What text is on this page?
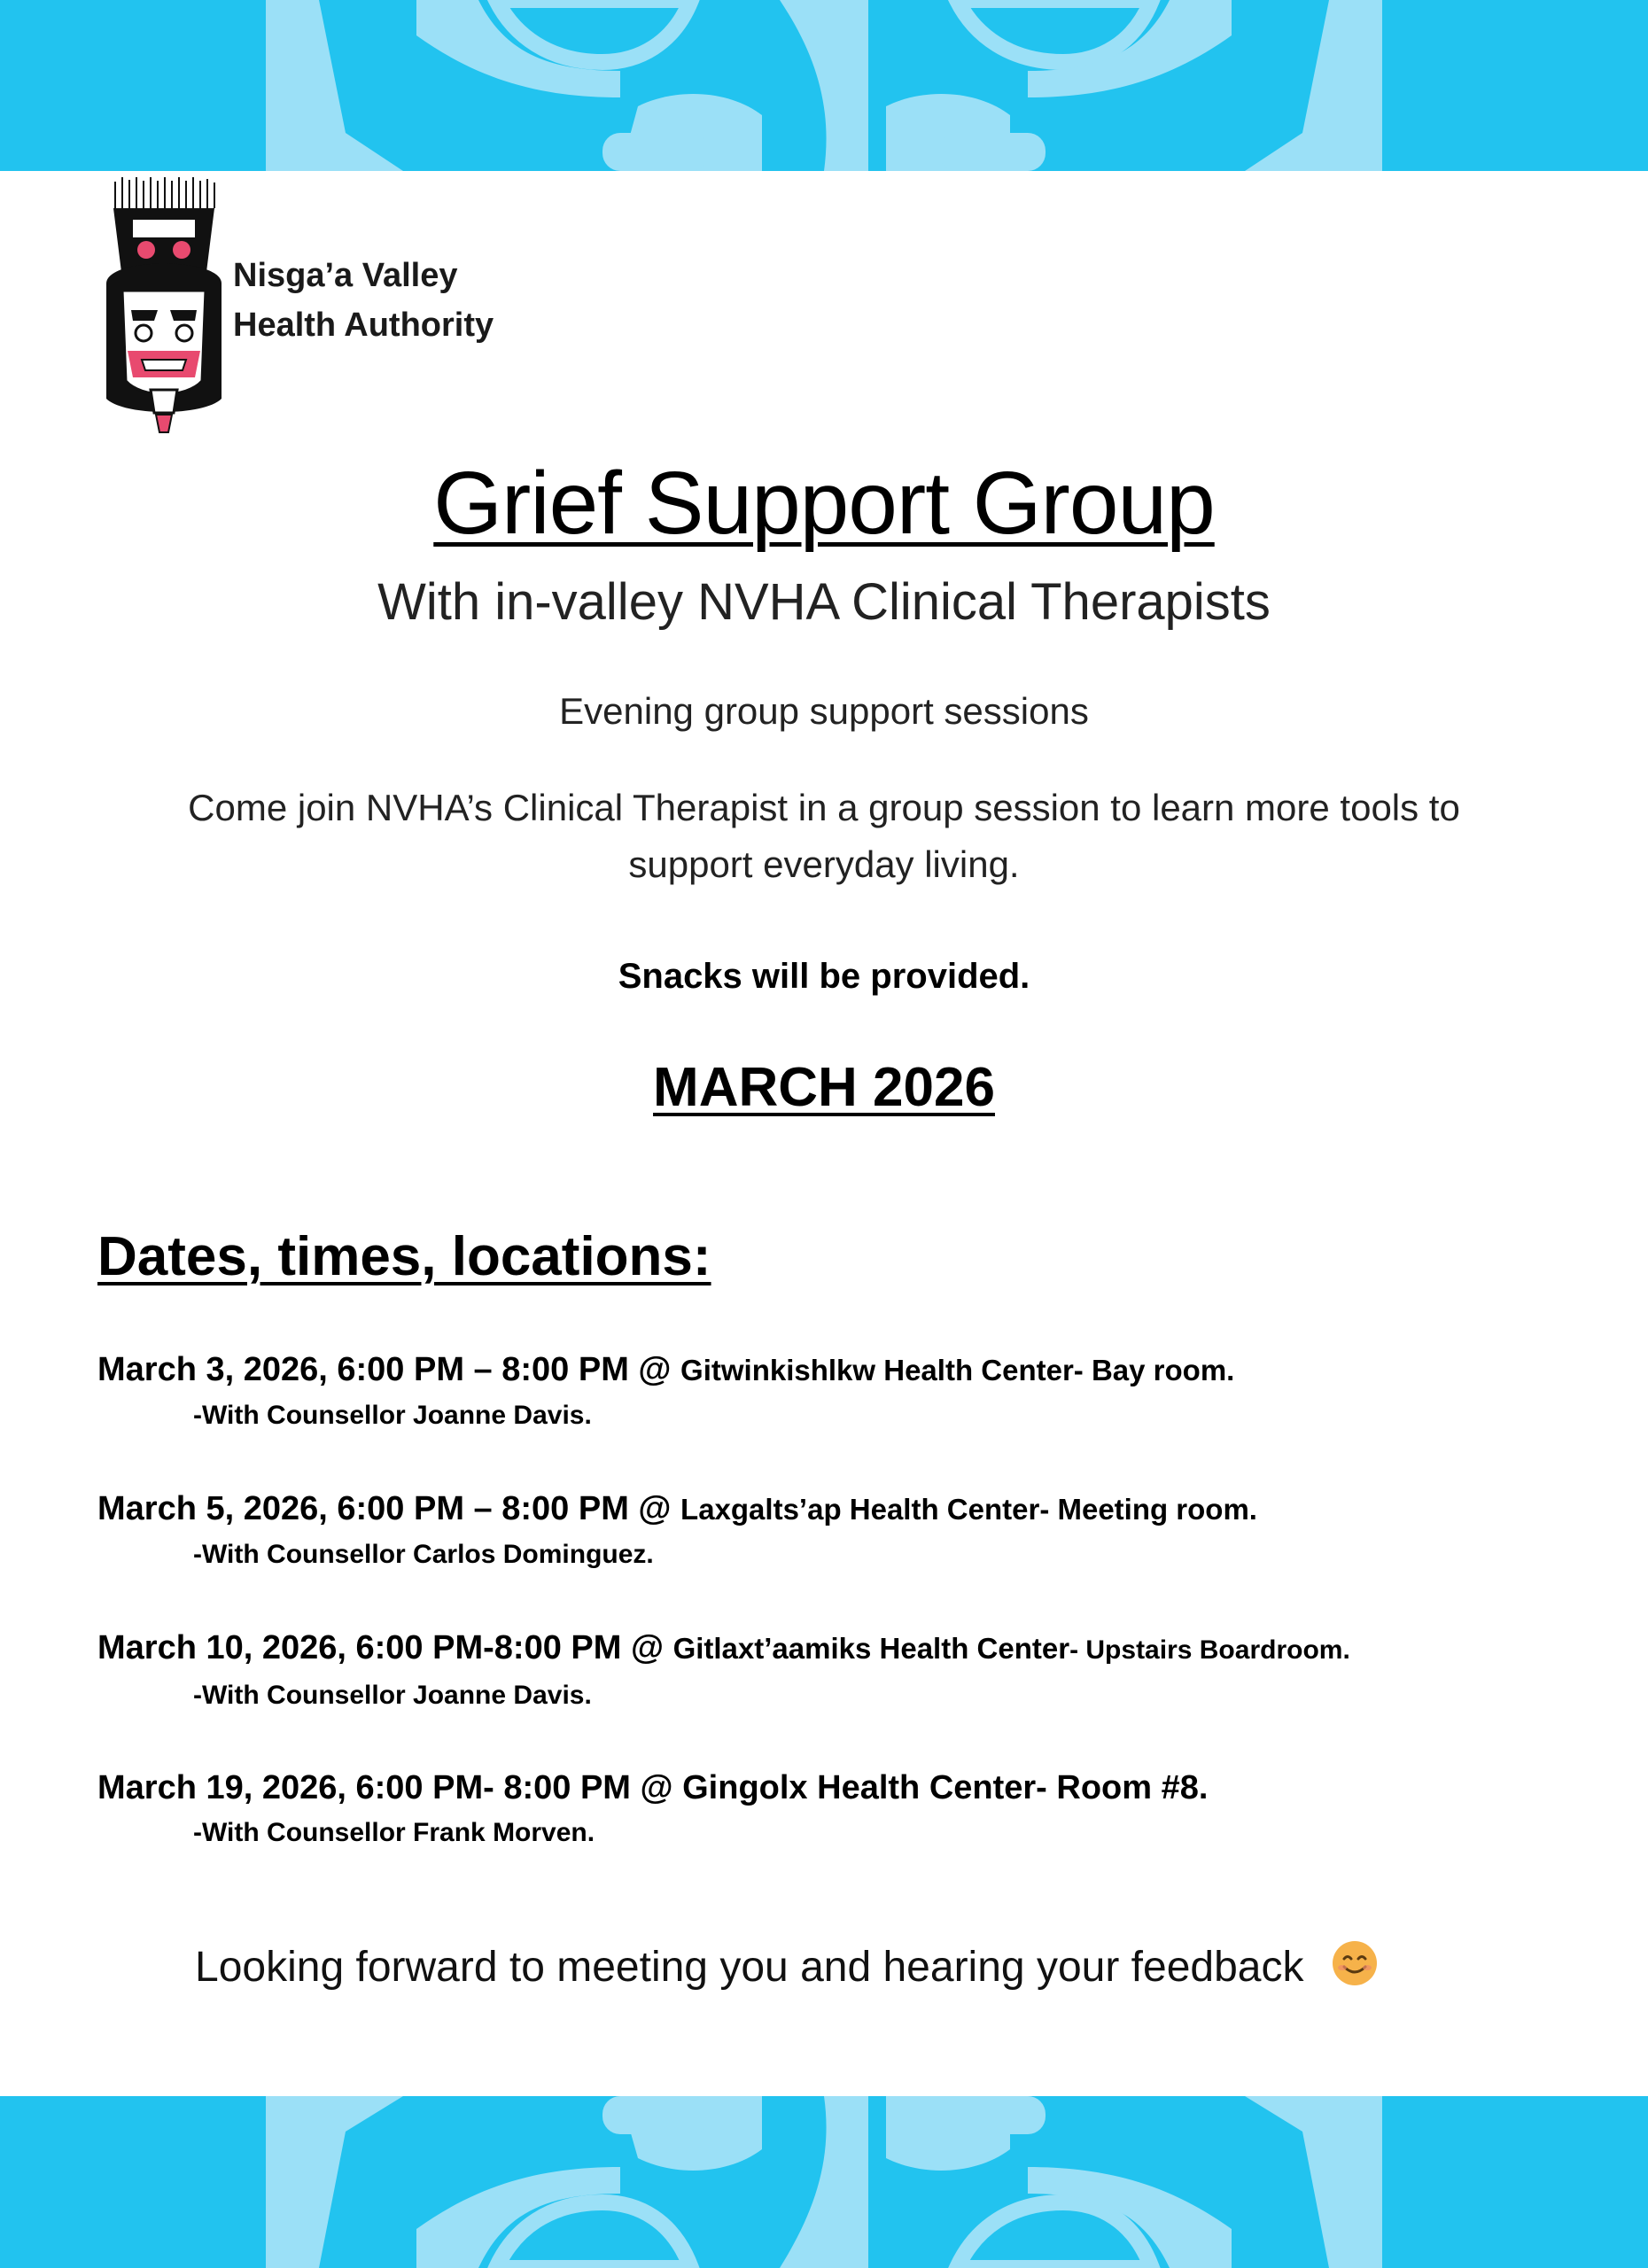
Nisga’a Valley
Health Authority
Grief Support Group
With in-valley NVHA Clinical Therapists
Evening group support sessions
Come join NVHA’s Clinical Therapist in a group session to learn more tools to
support everyday living.
Snacks will be provided.
MARCH 2026
Dates, times, locations:
March 3, 2026, 6:00 PM – 8:00 PM @ Gitwinkishlkw Health Center- Bay room.
-With Counsellor Joanne Davis.
March 5, 2026, 6:00 PM – 8:00 PM @ Laxgalts’ap Health Center- Meeting room.
-With Counsellor Carlos Dominguez.
March 10, 2026, 6:00 PM-8:00 PM @ Gitlaxt’aamiks Health Center- Upstairs Boardroom.
-With Counsellor Joanne Davis.
March 19, 2026, 6:00 PM- 8:00 PM @ Gingolx Health Center- Room #8.
-With Counsellor Frank Morven.
Looking forward to meeting you and hearing your feedback
